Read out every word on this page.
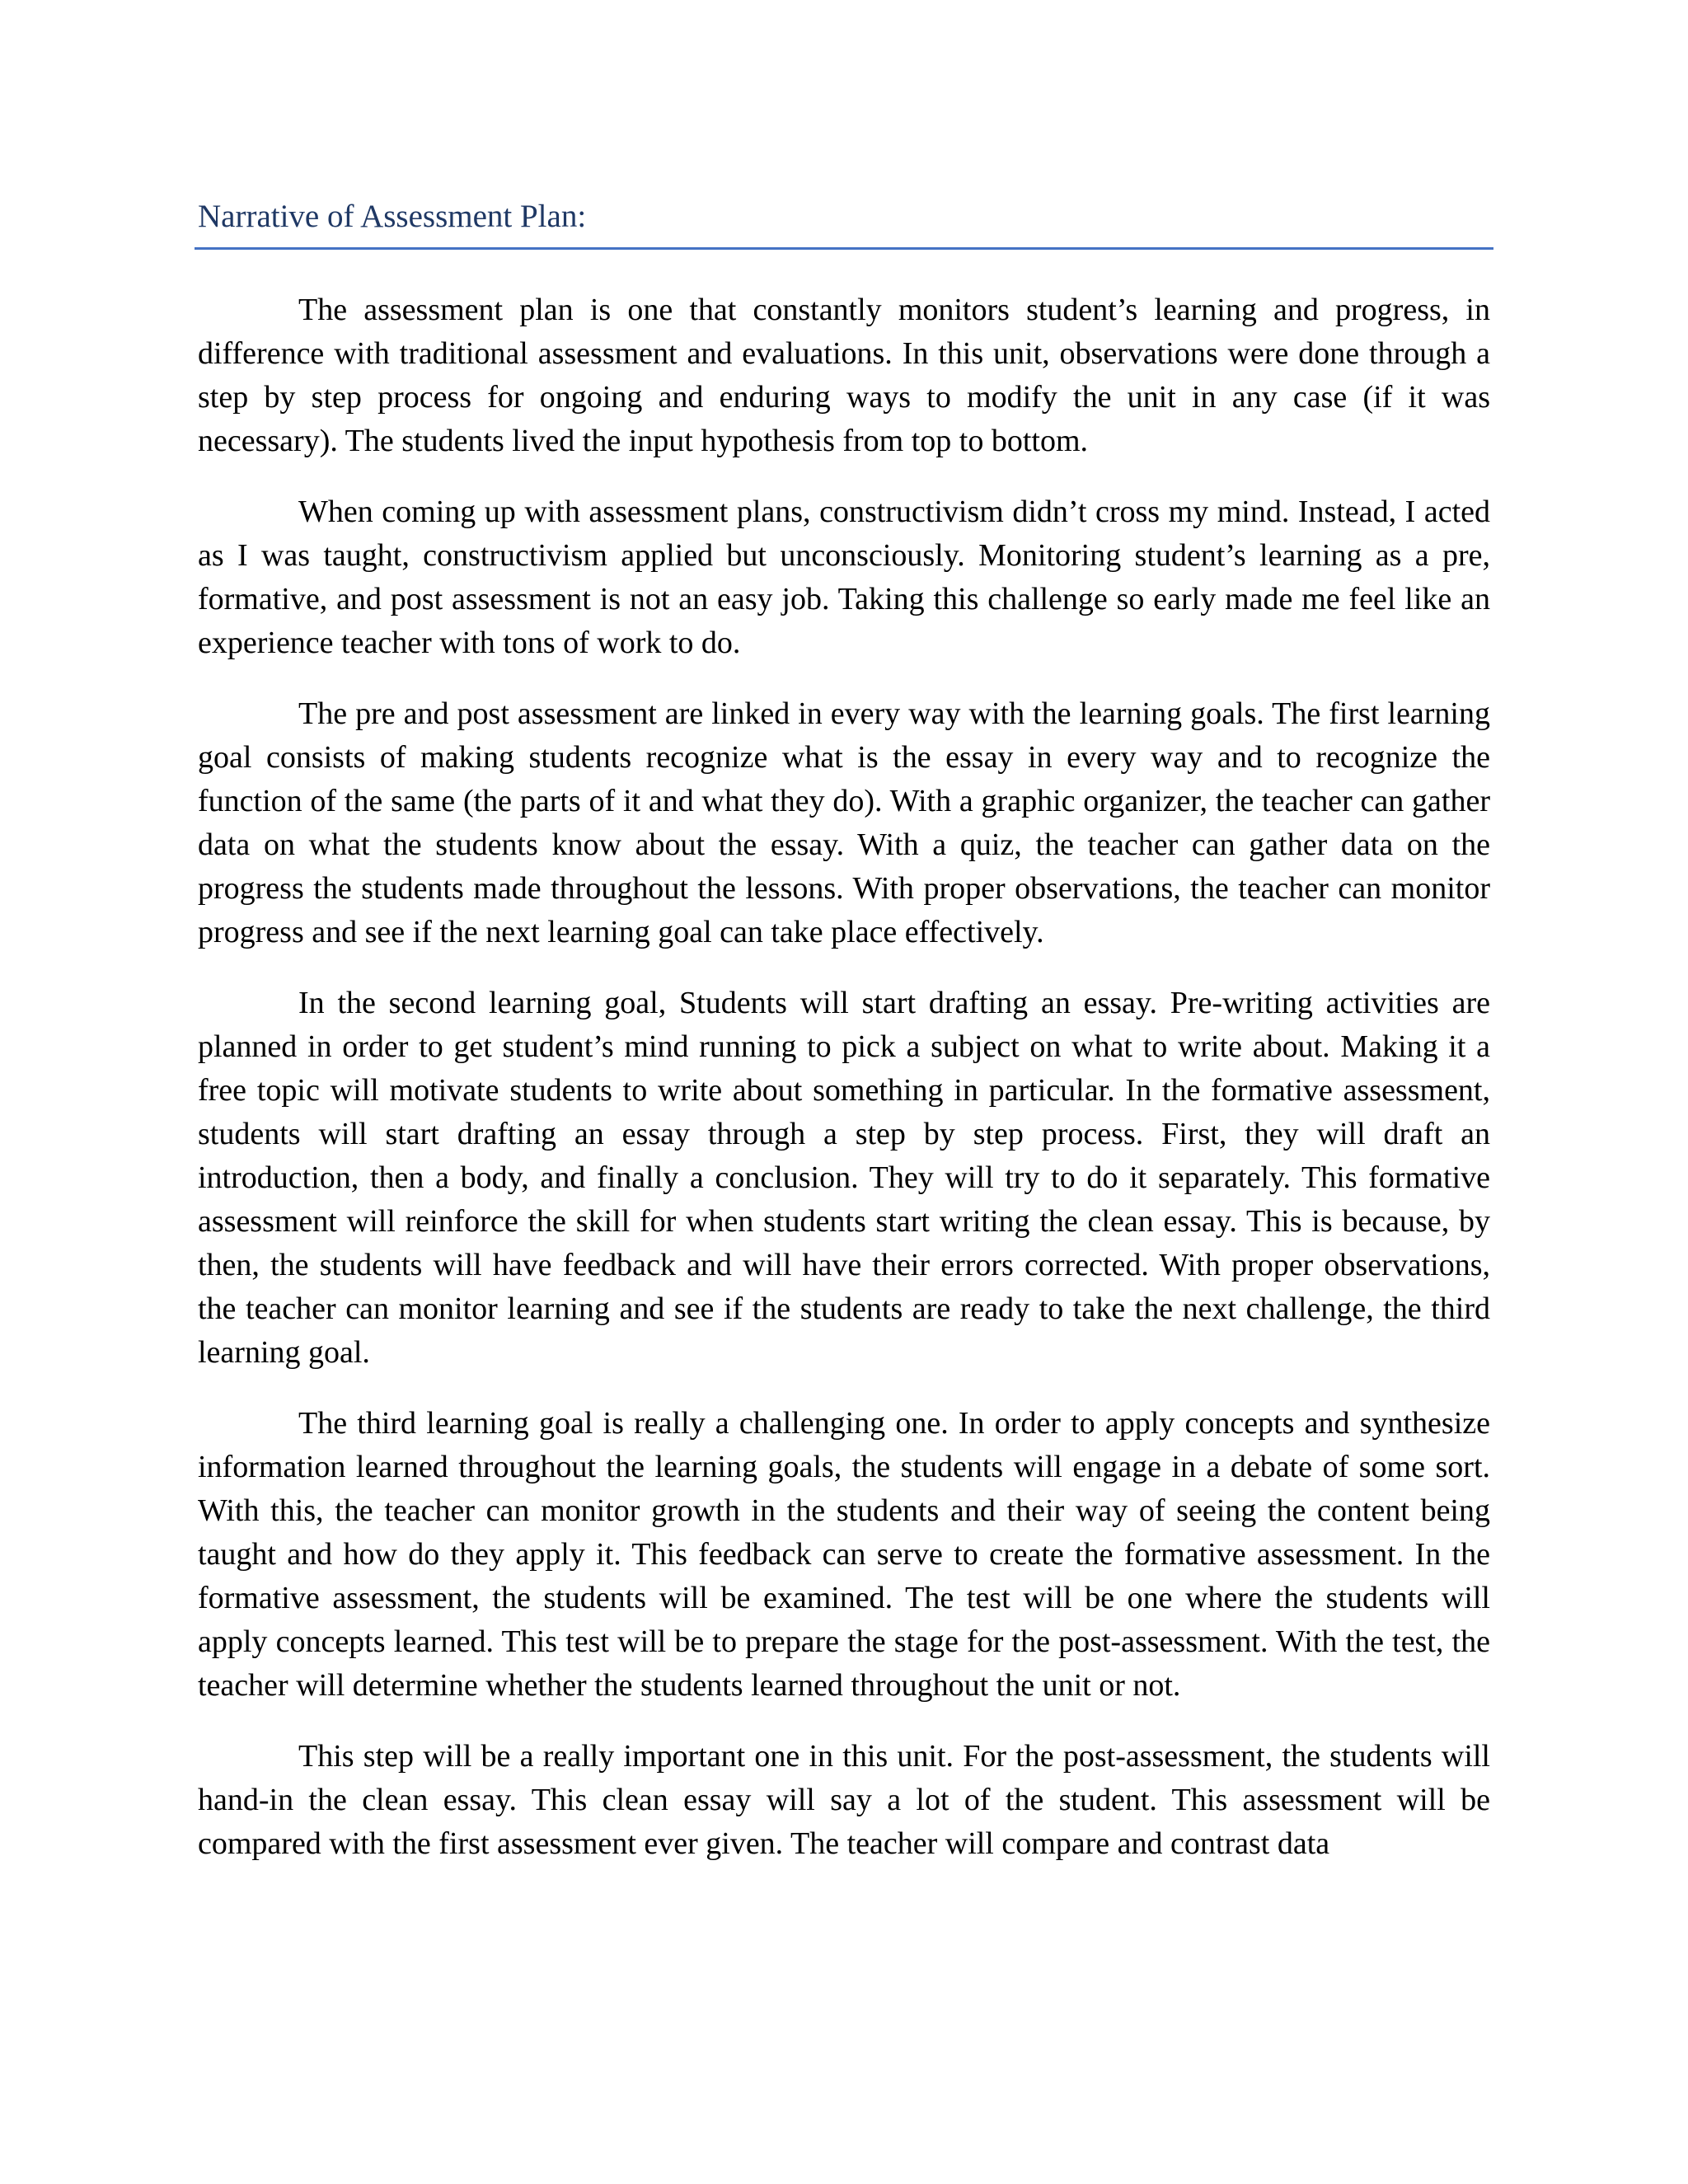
Narrative of Assessment Plan:

The assessment plan is one that constantly monitors student’s learning and progress, in difference with traditional assessment and evaluations. In this unit, observations were done through a step by step process for ongoing and enduring ways to modify the unit in any case (if it was necessary). The students lived the input hypothesis from top to bottom.

When coming up with assessment plans, constructivism didn’t cross my mind. Instead, I acted as I was taught, constructivism applied but unconsciously. Monitoring student’s learning as a pre, formative, and post assessment is not an easy job. Taking this challenge so early made me feel like an experience teacher with tons of work to do.

The pre and post assessment are linked in every way with the learning goals. The first learning goal consists of making students recognize what is the essay in every way and to recognize the function of the same (the parts of it and what they do). With a graphic organizer, the teacher can gather data on what the students know about the essay. With a quiz, the teacher can gather data on the progress the students made throughout the lessons. With proper observations, the teacher can monitor progress and see if the next learning goal can take place effectively.

In the second learning goal, Students will start drafting an essay. Pre-writing activities are planned in order to get student’s mind running to pick a subject on what to write about. Making it a free topic will motivate students to write about something in particular. In the formative assessment, students will start drafting an essay through a step by step process. First, they will draft an introduction, then a body, and finally a conclusion. They will try to do it separately. This formative assessment will reinforce the skill for when students start writing the clean essay. This is because, by then, the students will have feedback and will have their errors corrected. With proper observations, the teacher can monitor learning and see if the students are ready to take the next challenge, the third learning goal.

The third learning goal is really a challenging one. In order to apply concepts and synthesize information learned throughout the learning goals, the students will engage in a debate of some sort. With this, the teacher can monitor growth in the students and their way of seeing the content being taught and how do they apply it. This feedback can serve to create the formative assessment. In the formative assessment, the students will be examined. The test will be one where the students will apply concepts learned. This test will be to prepare the stage for the post-assessment. With the test, the teacher will determine whether the students learned throughout the unit or not.

This step will be a really important one in this unit. For the post-assessment, the students will hand-in the clean essay. This clean essay will say a lot of the student. This assessment will be compared with the first assessment ever given. The teacher will compare and contrast data
